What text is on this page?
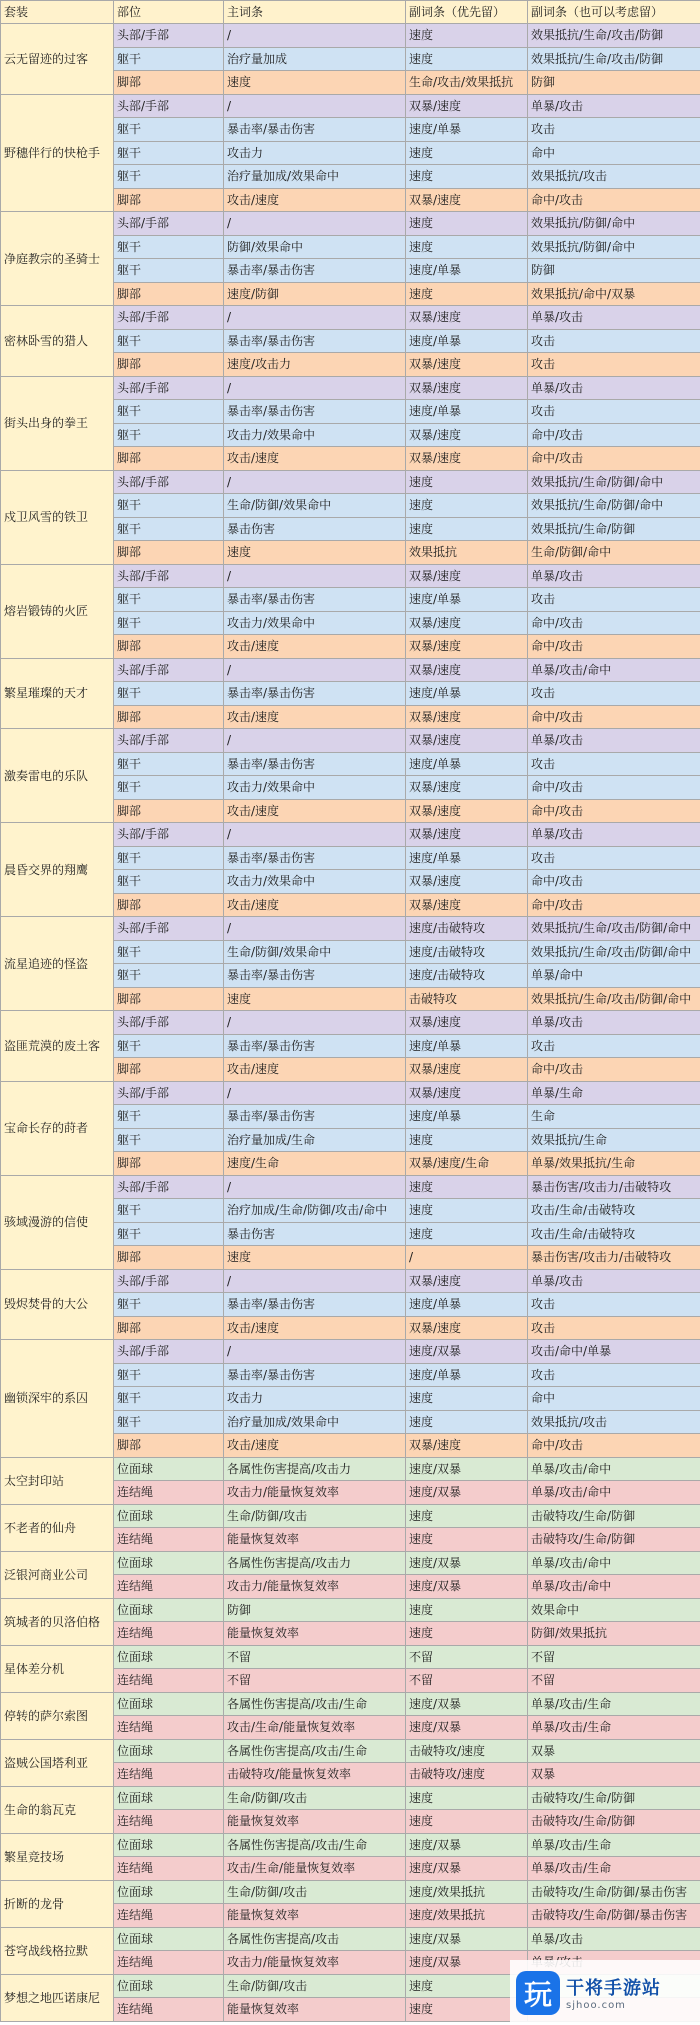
套装	部位	主词条	副词条（优先留）	副词条（也可以考虑留）
云无留迹的过客	头部/手部	/	速度	效果抵抗/生命/攻击/防御
	躯干	治疗量加成	速度	效果抵抗/生命/攻击/防御
	脚部	速度	生命/攻击/效果抵抗	防御
野穗伴行的快枪手	头部/手部	/	双暴/速度	单暴/攻击
	躯干	暴击率/暴击伤害	速度/单暴	攻击
	躯干	攻击力	速度	命中
	躯干	治疗量加成/效果命中	速度	效果抵抗/攻击
	脚部	攻击/速度	双暴/速度	命中/攻击
净庭教宗的圣骑士	头部/手部	/	速度	效果抵抗/防御/命中
	躯干	防御/效果命中	速度	效果抵抗/防御/命中
	躯干	暴击率/暴击伤害	速度/单暴	防御
	脚部	速度/防御	速度	效果抵抗/命中/双暴
密林卧雪的猎人	头部/手部	/	双暴/速度	单暴/攻击
	躯干	暴击率/暴击伤害	速度/单暴	攻击
	脚部	速度/攻击力	双暴/速度	攻击
街头出身的拳王	头部/手部	/	双暴/速度	单暴/攻击
	躯干	暴击率/暴击伤害	速度/单暴	攻击
	躯干	攻击力/效果命中	双暴/速度	命中/攻击
	脚部	攻击/速度	双暴/速度	命中/攻击
戍卫风雪的铁卫	头部/手部	/	速度	效果抵抗/生命/防御/命中
	躯干	生命/防御/效果命中	速度	效果抵抗/生命/防御/命中
	躯干	暴击伤害	速度	效果抵抗/生命/防御
	脚部	速度	效果抵抗	生命/防御/命中
熔岩锻铸的火匠	头部/手部	/	双暴/速度	单暴/攻击
	躯干	暴击率/暴击伤害	速度/单暴	攻击
	躯干	攻击力/效果命中	双暴/速度	命中/攻击
	脚部	攻击/速度	双暴/速度	命中/攻击
繁星璀璨的天才	头部/手部	/	双暴/速度	单暴/攻击/命中
	躯干	暴击率/暴击伤害	速度/单暴	攻击
	脚部	攻击/速度	双暴/速度	命中/攻击
激奏雷电的乐队	头部/手部	/	双暴/速度	单暴/攻击
	躯干	暴击率/暴击伤害	速度/单暴	攻击
	躯干	攻击力/效果命中	双暴/速度	命中/攻击
	脚部	攻击/速度	双暴/速度	命中/攻击
晨昏交界的翔鹰	头部/手部	/	双暴/速度	单暴/攻击
	躯干	暴击率/暴击伤害	速度/单暴	攻击
	躯干	攻击力/效果命中	双暴/速度	命中/攻击
	脚部	攻击/速度	双暴/速度	命中/攻击
流星追迹的怪盗	头部/手部	/	速度/击破特攻	效果抵抗/生命/攻击/防御/命中
	躯干	生命/防御/效果命中	速度/击破特攻	效果抵抗/生命/攻击/防御/命中
	躯干	暴击率/暴击伤害	速度/击破特攻	单暴/命中
	脚部	速度	击破特攻	效果抵抗/生命/攻击/防御/命中
盗匪荒漠的废土客	头部/手部	/	双暴/速度	单暴/攻击
	躯干	暴击率/暴击伤害	速度/单暴	攻击
	脚部	攻击/速度	双暴/速度	命中/攻击
宝命长存的莳者	头部/手部	/	双暴/速度	单暴/生命
	躯干	暴击率/暴击伤害	速度/单暴	生命
	躯干	治疗量加成/生命	速度	效果抵抗/生命
	脚部	速度/生命	双暴/速度/生命	单暴/效果抵抗/生命
骇域漫游的信使	头部/手部	/	速度	暴击伤害/攻击力/击破特攻
	躯干	治疗加成/生命/防御/攻击/命中	速度	攻击/生命/击破特攻
	躯干	暴击伤害	速度	攻击/生命/击破特攻
	脚部	速度	/	暴击伤害/攻击力/击破特攻
毁烬焚骨的大公	头部/手部	/	双暴/速度	单暴/攻击
	躯干	暴击率/暴击伤害	速度/单暴	攻击
	脚部	攻击/速度	双暴/速度	攻击
幽锁深牢的系囚	头部/手部	/	速度/双暴	攻击/命中/单暴
	躯干	暴击率/暴击伤害	速度/单暴	攻击
	躯干	攻击力	速度	命中
	躯干	治疗量加成/效果命中	速度	效果抵抗/攻击
	脚部	攻击/速度	双暴/速度	命中/攻击
太空封印站	位面球	各属性伤害提高/攻击力	速度/双暴	单暴/攻击/命中
	连结绳	攻击力/能量恢复效率	速度/双暴	单暴/攻击/命中
不老者的仙舟	位面球	生命/防御/攻击	速度	击破特攻/生命/防御
	连结绳	能量恢复效率	速度	击破特攻/生命/防御
泛银河商业公司	位面球	各属性伤害提高/攻击力	速度/双暴	单暴/攻击/命中
	连结绳	攻击力/能量恢复效率	速度/双暴	单暴/攻击/命中
筑城者的贝洛伯格	位面球	防御	速度	效果命中
	连结绳	能量恢复效率	速度	防御/效果抵抗
星体差分机	位面球	不留	不留	不留
	连结绳	不留	不留	不留
停转的萨尔索图	位面球	各属性伤害提高/攻击/生命	速度/双暴	单暴/攻击/生命
	连结绳	攻击/生命/能量恢复效率	速度/双暴	单暴/攻击/生命
盗贼公国塔利亚	位面球	各属性伤害提高/攻击/生命	击破特攻/速度	双暴
	连结绳	击破特攻/能量恢复效率	击破特攻/速度	双暴
生命的翁瓦克	位面球	生命/防御/攻击	速度	击破特攻/生命/防御
	连结绳	能量恢复效率	速度	击破特攻/生命/防御
繁星竞技场	位面球	各属性伤害提高/攻击/生命	速度/双暴	单暴/攻击/生命
	连结绳	攻击/生命/能量恢复效率	速度/双暴	单暴/攻击/生命
折断的龙骨	位面球	生命/防御/攻击	速度/效果抵抗	击破特攻/生命/防御/暴击伤害
	连结绳	能量恢复效率	速度/效果抵抗	击破特攻/生命/防御/暴击伤害
苍穹战线格拉默	位面球	各属性伤害提高/攻击	速度/双暴	单暴/攻击
	连结绳	攻击力/能量恢复效率	速度/双暴	
梦想之地匹诺康尼	位面球	生命/防御/攻击	速度	
	连结绳	能量恢复效率	速度		玩 干将手游站
sjhoo.com
